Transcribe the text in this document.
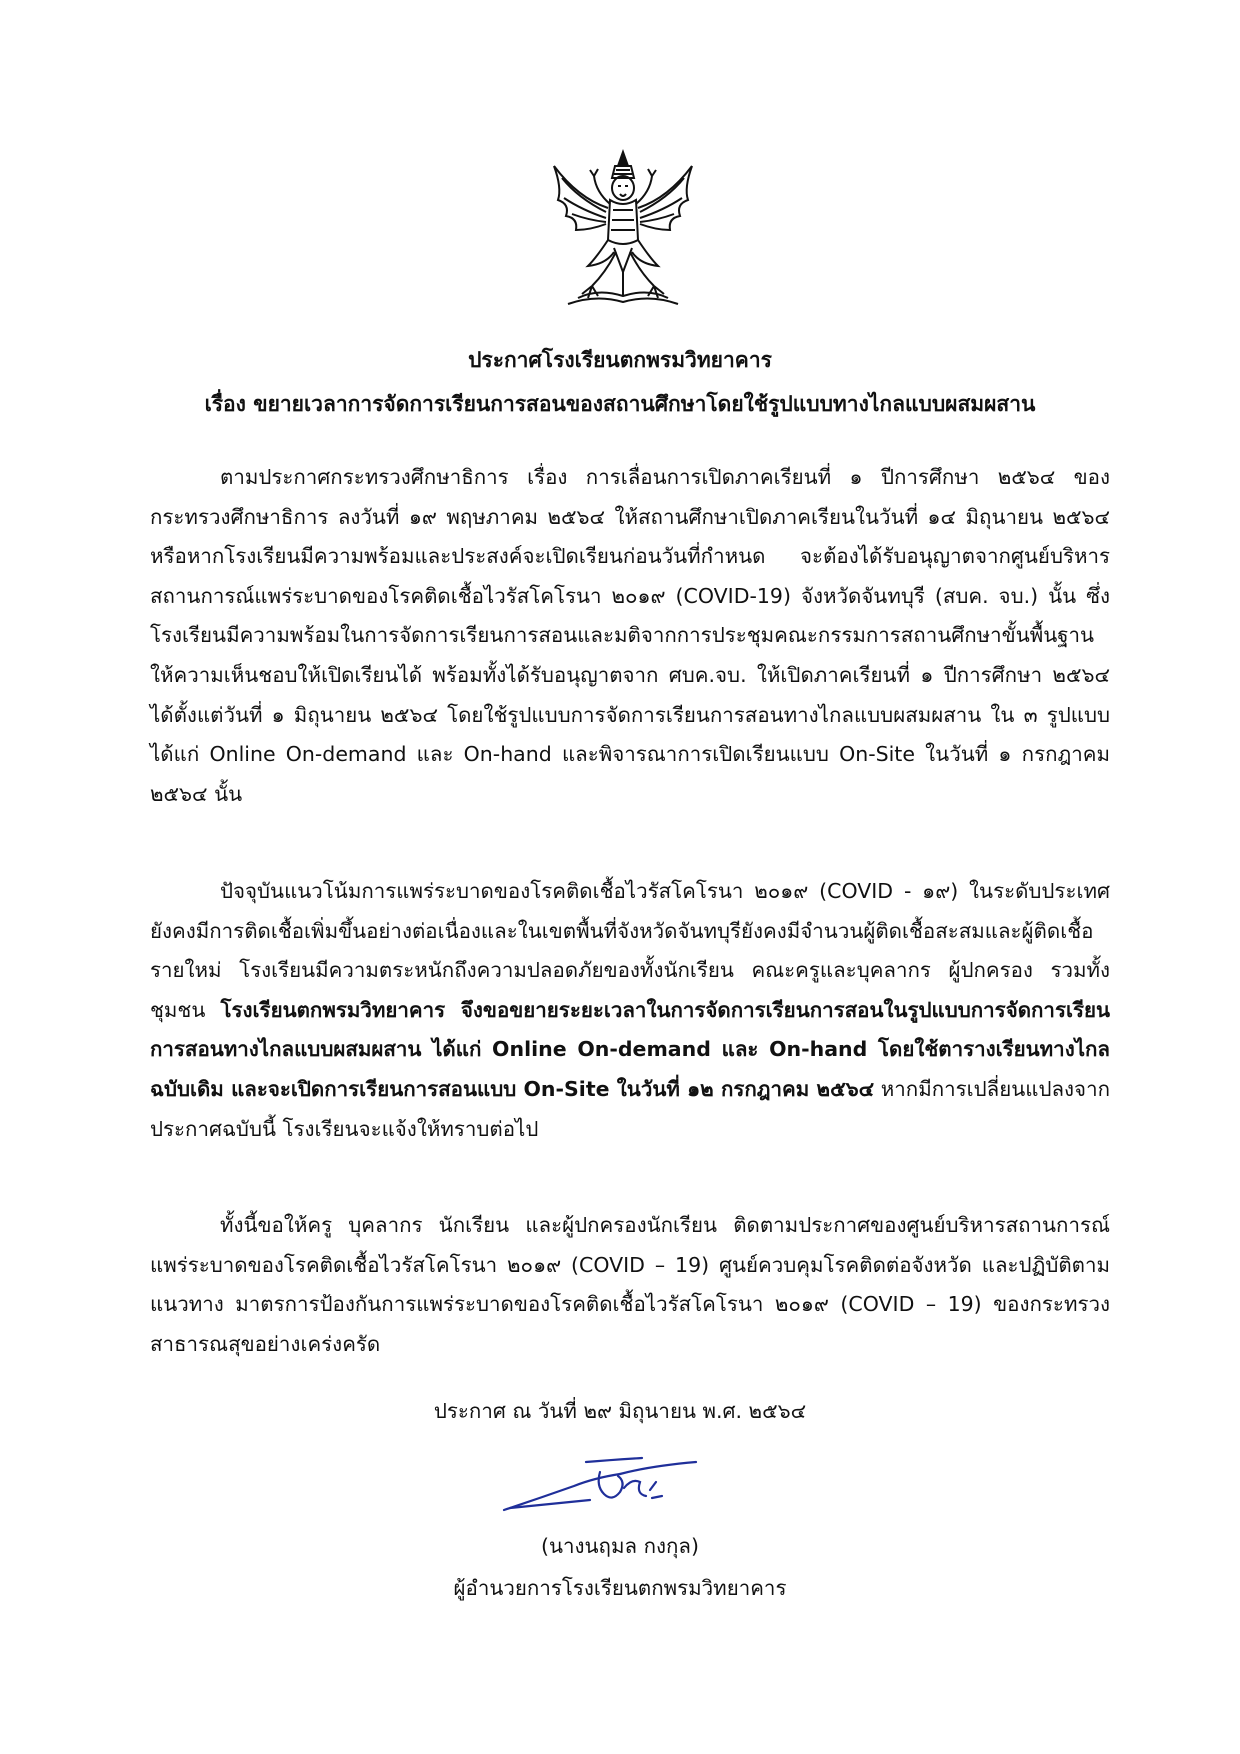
ประกาศโรงเรียนตกพรมวิทยาคาร
เรื่อง ขยายเวลาการจัดการเรียนการสอนของสถานศึกษาโดยใช้รูปแบบทางไกลแบบผสมผสาน

ตามประกาศกระทรวงศึกษาธิการ เรื่อง การเลื่อนการเปิดภาคเรียนที่ ๑ ปีการศึกษา ๒๕๖๔ ของกระทรวงศึกษาธิการ ลงวันที่ ๑๙ พฤษภาคม ๒๕๖๔ ให้สถานศึกษาเปิดภาคเรียนในวันที่ ๑๔ มิถุนายน ๒๕๖๔ หรือหากโรงเรียนมีความพร้อมและประสงค์จะเปิดเรียนก่อนวันที่กำหนด จะต้องได้รับอนุญาตจากศูนย์บริหารสถานการณ์แพร่ระบาดของโรคติดเชื้อไวรัสโคโรนา ๒๐๑๙ (COVID-19) จังหวัดจันทบุรี (สบค. จบ.) นั้น ซึ่งโรงเรียนมีความพร้อมในการจัดการเรียนการสอนและมติจากการประชุมคณะกรรมการสถานศึกษาขั้นพื้นฐาน ให้ความเห็นชอบให้เปิดเรียนได้ พร้อมทั้งได้รับอนุญาตจาก ศบค.จบ. ให้เปิดภาคเรียนที่ ๑ ปีการศึกษา ๒๕๖๔ ได้ตั้งแต่วันที่ ๑ มิถุนายน ๒๕๖๔ โดยใช้รูปแบบการจัดการเรียนการสอนทางไกลแบบผสมผสาน ใน ๓ รูปแบบ ได้แก่ Online On-demand และ On-hand และพิจารณาการเปิดเรียนแบบ On-Site ในวันที่ ๑ กรกฎาคม ๒๕๖๔ นั้น

ปัจจุบันแนวโน้มการแพร่ระบาดของโรคติดเชื้อไวรัสโคโรนา ๒๐๑๙ (COVID - ๑๙) ในระดับประเทศยังคงมีการติดเชื้อเพิ่มขึ้นอย่างต่อเนื่องและในเขตพื้นที่จังหวัดจันทบุรียังคงมีจำนวนผู้ติดเชื้อสะสมและผู้ติดเชื้อรายใหม่ โรงเรียนมีความตระหนักถึงความปลอดภัยของทั้งนักเรียน คณะครูและบุคลากร ผู้ปกครอง รวมทั้งชุมชน โรงเรียนตกพรมวิทยาคาร จึงขอขยายระยะเวลาในการจัดการเรียนการสอนในรูปแบบการจัดการเรียน การสอนทางไกลแบบผสมผสาน ได้แก่ Online On-demand และ On-hand โดยใช้ตารางเรียนทางไกลฉบับเดิม และจะเปิดการเรียนการสอนแบบ On-Site ในวันที่ ๑๒ กรกฎาคม ๒๕๖๔ หากมีการเปลี่ยนแปลงจากประกาศฉบับนี้ โรงเรียนจะแจ้งให้ทราบต่อไป

ทั้งนี้ขอให้ครู บุคลากร นักเรียน และผู้ปกครองนักเรียน ติดตามประกาศของศูนย์บริหารสถานการณ์ แพร่ระบาดของโรคติดเชื้อไวรัสโคโรนา ๒๐๑๙ (COVID – 19) ศูนย์ควบคุมโรคติดต่อจังหวัด และปฏิบัติตามแนวทาง มาตรการป้องกันการแพร่ระบาดของโรคติดเชื้อไวรัสโคโรนา ๒๐๑๙ (COVID – 19) ของกระทรวงสาธารณสุขอย่างเคร่งครัด

ประกาศ ณ วันที่ ๒๙ มิถุนายน พ.ศ. ๒๕๖๔
(นางนฤมล กงกุล)
ผู้อำนวยการโรงเรียนตกพรมวิทยาคาร
